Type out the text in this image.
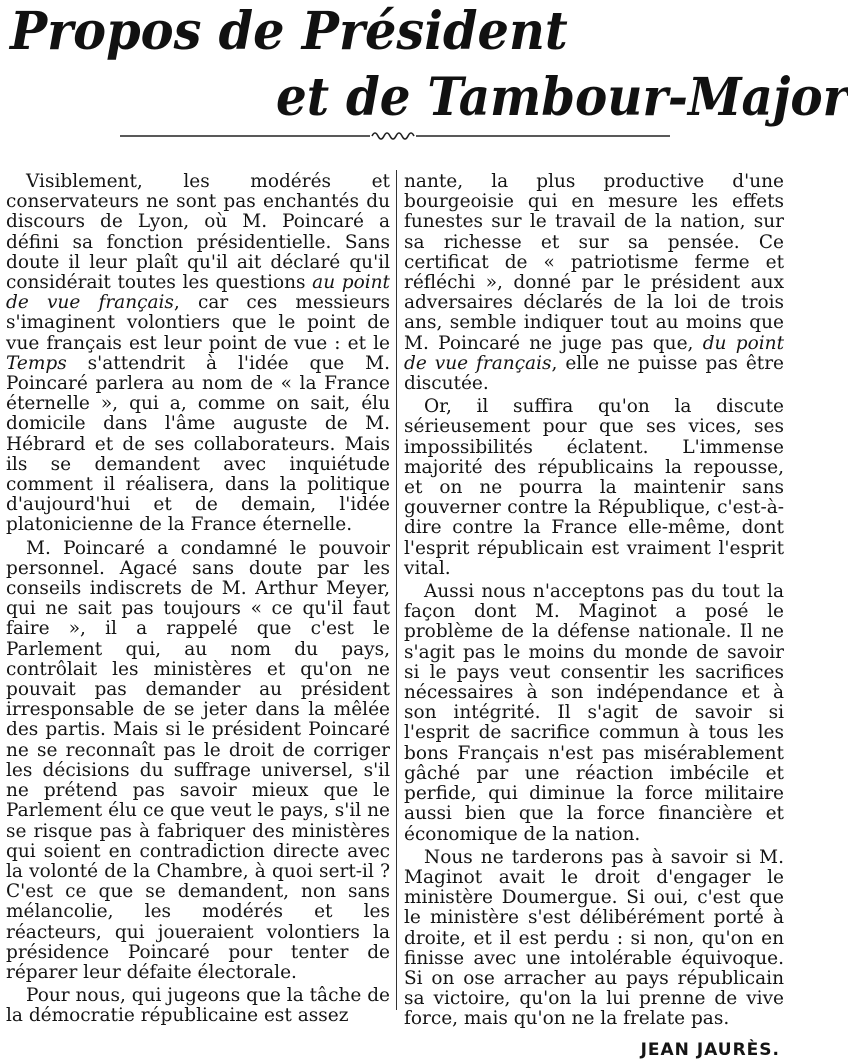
Propos de Président
et de Tambour-Major

Visiblement, les modérés et conservateurs ne sont pas enchantés du discours de Lyon, où M. Poincaré a défini sa fonction présidentielle. Sans doute il leur plaît qu'il ait déclaré qu'il considérait toutes les questions au point de vue français, car ces messieurs s'imaginent volontiers que le point de vue français est leur point de vue : et le Temps s'attendrit à l'idée que M. Poincaré parlera au nom de « la France éternelle », qui a, comme on sait, élu domicile dans l'âme auguste de M. Hébrard et de ses collaborateurs. Mais ils se demandent avec inquiétude comment il réalisera, dans la politique d'aujourd'hui et de demain, l'idée platonicienne de la France éternelle.

M. Poincaré a condamné le pouvoir personnel. Agacé sans doute par les conseils indiscrets de M. Arthur Meyer, qui ne sait pas toujours « ce qu'il faut faire », il a rappelé que c'est le Parlement qui, au nom du pays, contrôlait les ministères et qu'on ne pouvait pas demander au président irresponsable de se jeter dans la mêlée des partis. Mais si le président Poincaré ne se reconnaît pas le droit de corriger les décisions du suffrage universel, s'il ne prétend pas savoir mieux que le Parlement élu ce que veut le pays, s'il ne se risque pas à fabriquer des ministères qui soient en contradiction directe avec la volonté de la Chambre, à quoi sert-il ? C'est ce que se demandent, non sans mélancolie, les modérés et les réacteurs, qui joueraient volontiers la présidence Poincaré pour tenter de réparer leur défaite électorale.

Pour nous, qui jugeons que la tâche de la démocratie républicaine est assez

nante, la plus productive d'une bourgeoisie qui en mesure les effets funestes sur le travail de la nation, sur sa richesse et sur sa pensée. Ce certificat de « patriotisme ferme et réfléchi », donné par le président aux adversaires déclarés de la loi de trois ans, semble indiquer tout au moins que M. Poincaré ne juge pas que, du point de vue français, elle ne puisse pas être discutée.

Or, il suffira qu'on la discute sérieusement pour que ses vices, ses impossibilités éclatent. L'immense majorité des républicains la repousse, et on ne pourra la maintenir sans gouverner contre la République, c'est-à-dire contre la France elle-même, dont l'esprit républicain est vraiment l'esprit vital.

Aussi nous n'acceptons pas du tout la façon dont M. Maginot a posé le problème de la défense nationale. Il ne s'agit pas le moins du monde de savoir si le pays veut consentir les sacrifices nécessaires à son indépendance et à son intégrité. Il s'agit de savoir si l'esprit de sacrifice commun à tous les bons Français n'est pas misérablement gâché par une réaction imbécile et perfide, qui diminue la force militaire aussi bien que la force financière et économique de la nation.

Nous ne tarderons pas à savoir si M. Maginot avait le droit d'engager le ministère Doumergue. Si oui, c'est que le ministère s'est délibérément porté à droite, et il est perdu : si non, qu'on en finisse avec une intolérable équivoque. Si on ose arracher au pays républicain sa victoire, qu'on la lui prenne de vive force, mais qu'on ne la frelate pas.

JEAN JAURÈS.
